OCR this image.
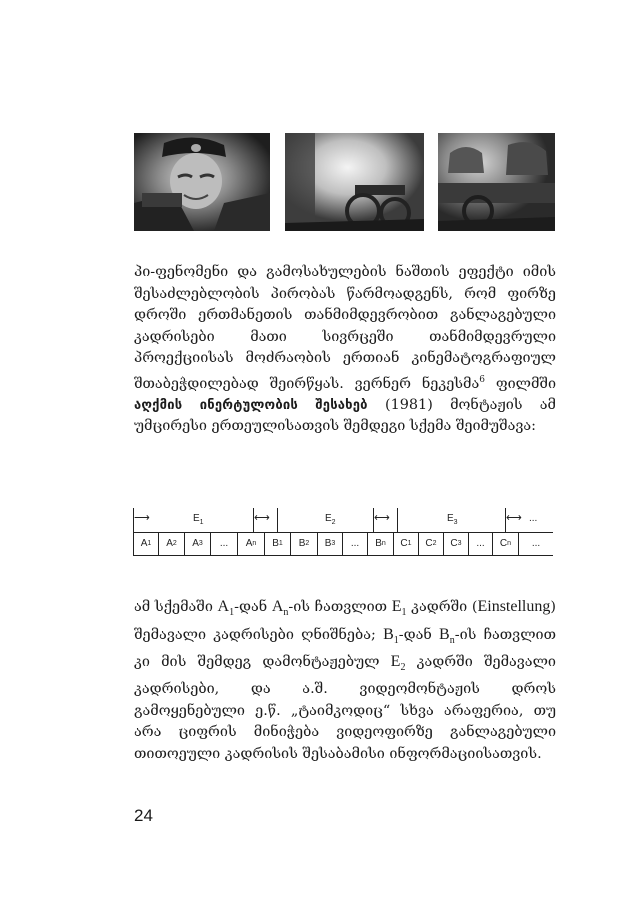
პი-ფენომენი და გამოსახულების ნაშთის ეფექტი იმის შესაძლებლობის პირობას წარმოადგენს, რომ ფირზე დროში ერთმანეთის თანმიმდევრობით განლაგებული კადრისები მათი სივრცეში თანმიმდევრული პროექციისას მოძრაობის ერთიან კინემატოგრაფიულ შთაბეჭდილებად შეირწყას. ვერნერ ნეკესმა$^6$ ფილმში აღქმის ინერტულობის შესახებ (1981) მონტაჟის ამ უმცირესი ერთეულისათვის შემდეგი სქემა შეიმუშავა:
⟶	$E_1$	⟷	$E_2$	⟷	$E_3$	⟷ ...
A 1	A 2	A 3	...	A n	B 1	B 2	B 3	...	B n	C 1	C 2	C 3	...	C n	...
ამ სქემაში $A_1$-დან $A_n-ის$ ჩათვლით $E_1$ კადრში (Einstellung) შემავალი კადრისები ღნიშნება; $B_1$-დან $B_n-ის$ ჩათვლით კი მის შემდეგ დამონტაჟებულ $E_2$ კადრში შემავალი კადრისები, და ა.შ. ვიდეომონტაჟის დროს გამოყენებული ე.წ. „ტაიმკოდიც“ სხვა არაფერია, თუ არა ციფრის მინიჭება ვიდეოფირზე განლაგებული თითოეული კადრისის შესაბამისი ინფორმაციისათვის.
24
